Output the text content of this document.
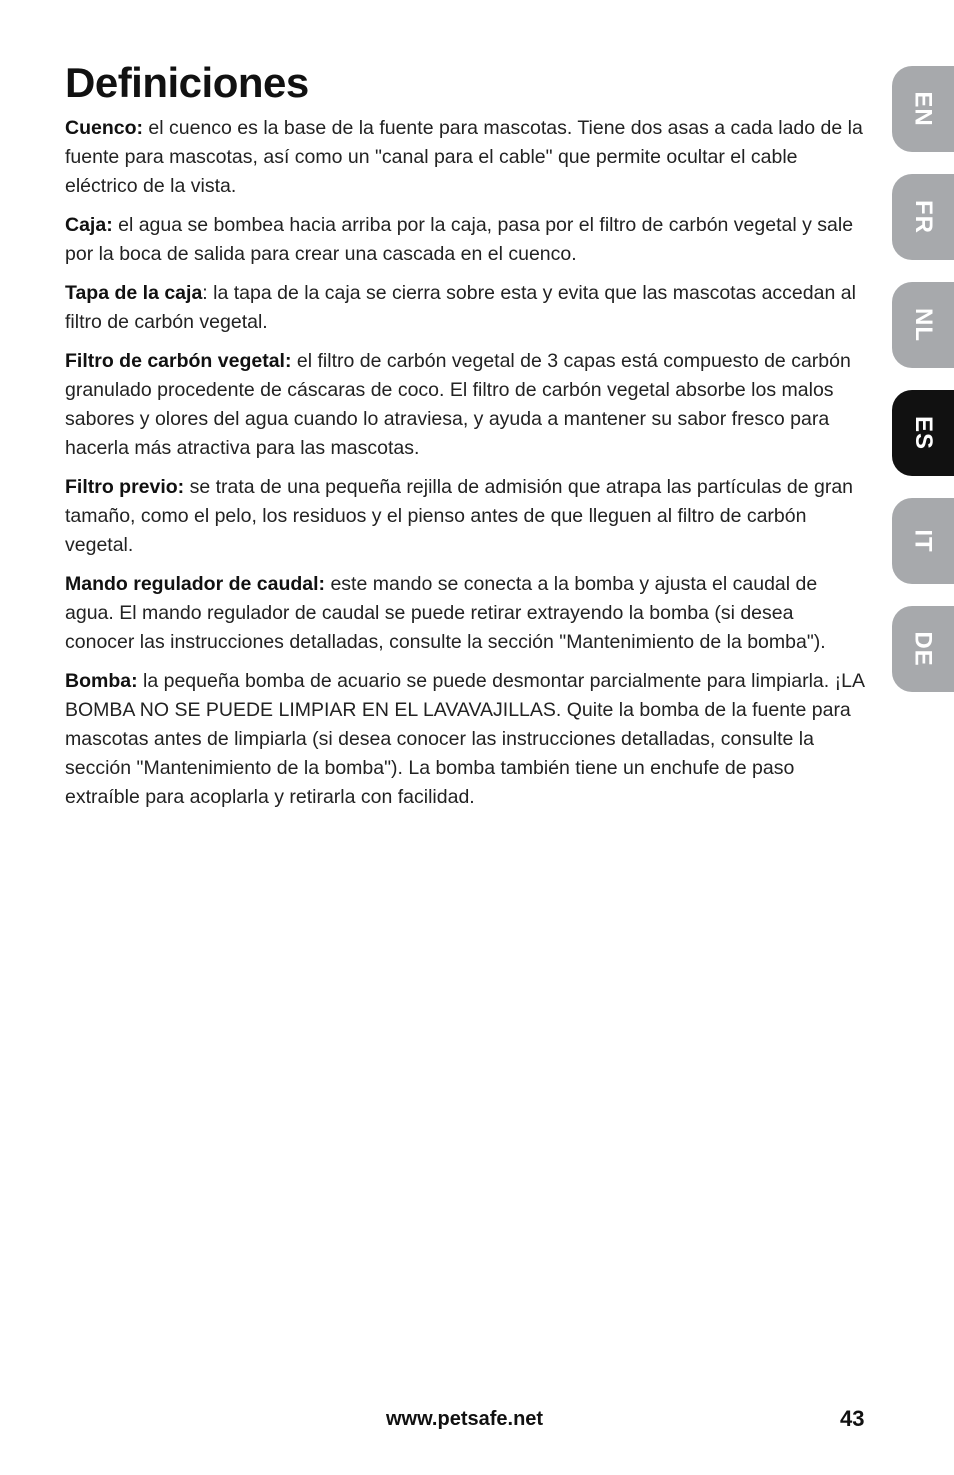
Definiciones

Cuenco: el cuenco es la base de la fuente para mascotas. Tiene dos asas a cada lado de la fuente para mascotas, así como un "canal para el cable" que permite ocultar el cable eléctrico de la vista.

Caja: el agua se bombea hacia arriba por la caja, pasa por el filtro de carbón vegetal y sale por la boca de salida para crear una cascada en el cuenco.

Tapa de la caja: la tapa de la caja se cierra sobre esta y evita que las mascotas accedan al filtro de carbón vegetal.

Filtro de carbón vegetal: el filtro de carbón vegetal de 3 capas está compuesto de carbón granulado procedente de cáscaras de coco. El filtro de carbón vegetal absorbe los malos sabores y olores del agua cuando lo atraviesa, y ayuda a mantener su sabor fresco para hacerla más atractiva para las mascotas.

Filtro previo: se trata de una pequeña rejilla de admisión que atrapa las partículas de gran tamaño, como el pelo, los residuos y el pienso antes de que lleguen al filtro de carbón vegetal.

Mando regulador de caudal: este mando se conecta a la bomba y ajusta el caudal de agua. El mando regulador de caudal se puede retirar extrayendo la bomba (si desea conocer las instrucciones detalladas, consulte la sección "Mantenimiento de la bomba").

Bomba: la pequeña bomba de acuario se puede desmontar parcialmente para limpiarla. ¡LA BOMBA NO SE PUEDE LIMPIAR EN EL LAVAVAJILLAS. Quite la bomba de la fuente para mascotas antes de limpiarla (si desea conocer las instrucciones detalladas, consulte la sección "Mantenimiento de la bomba"). La bomba también tiene un enchufe de paso extraíble para acoplarla y retirarla con facilidad.

EN
FR
NL
ES
IT
DE
www.petsafe.net	43
